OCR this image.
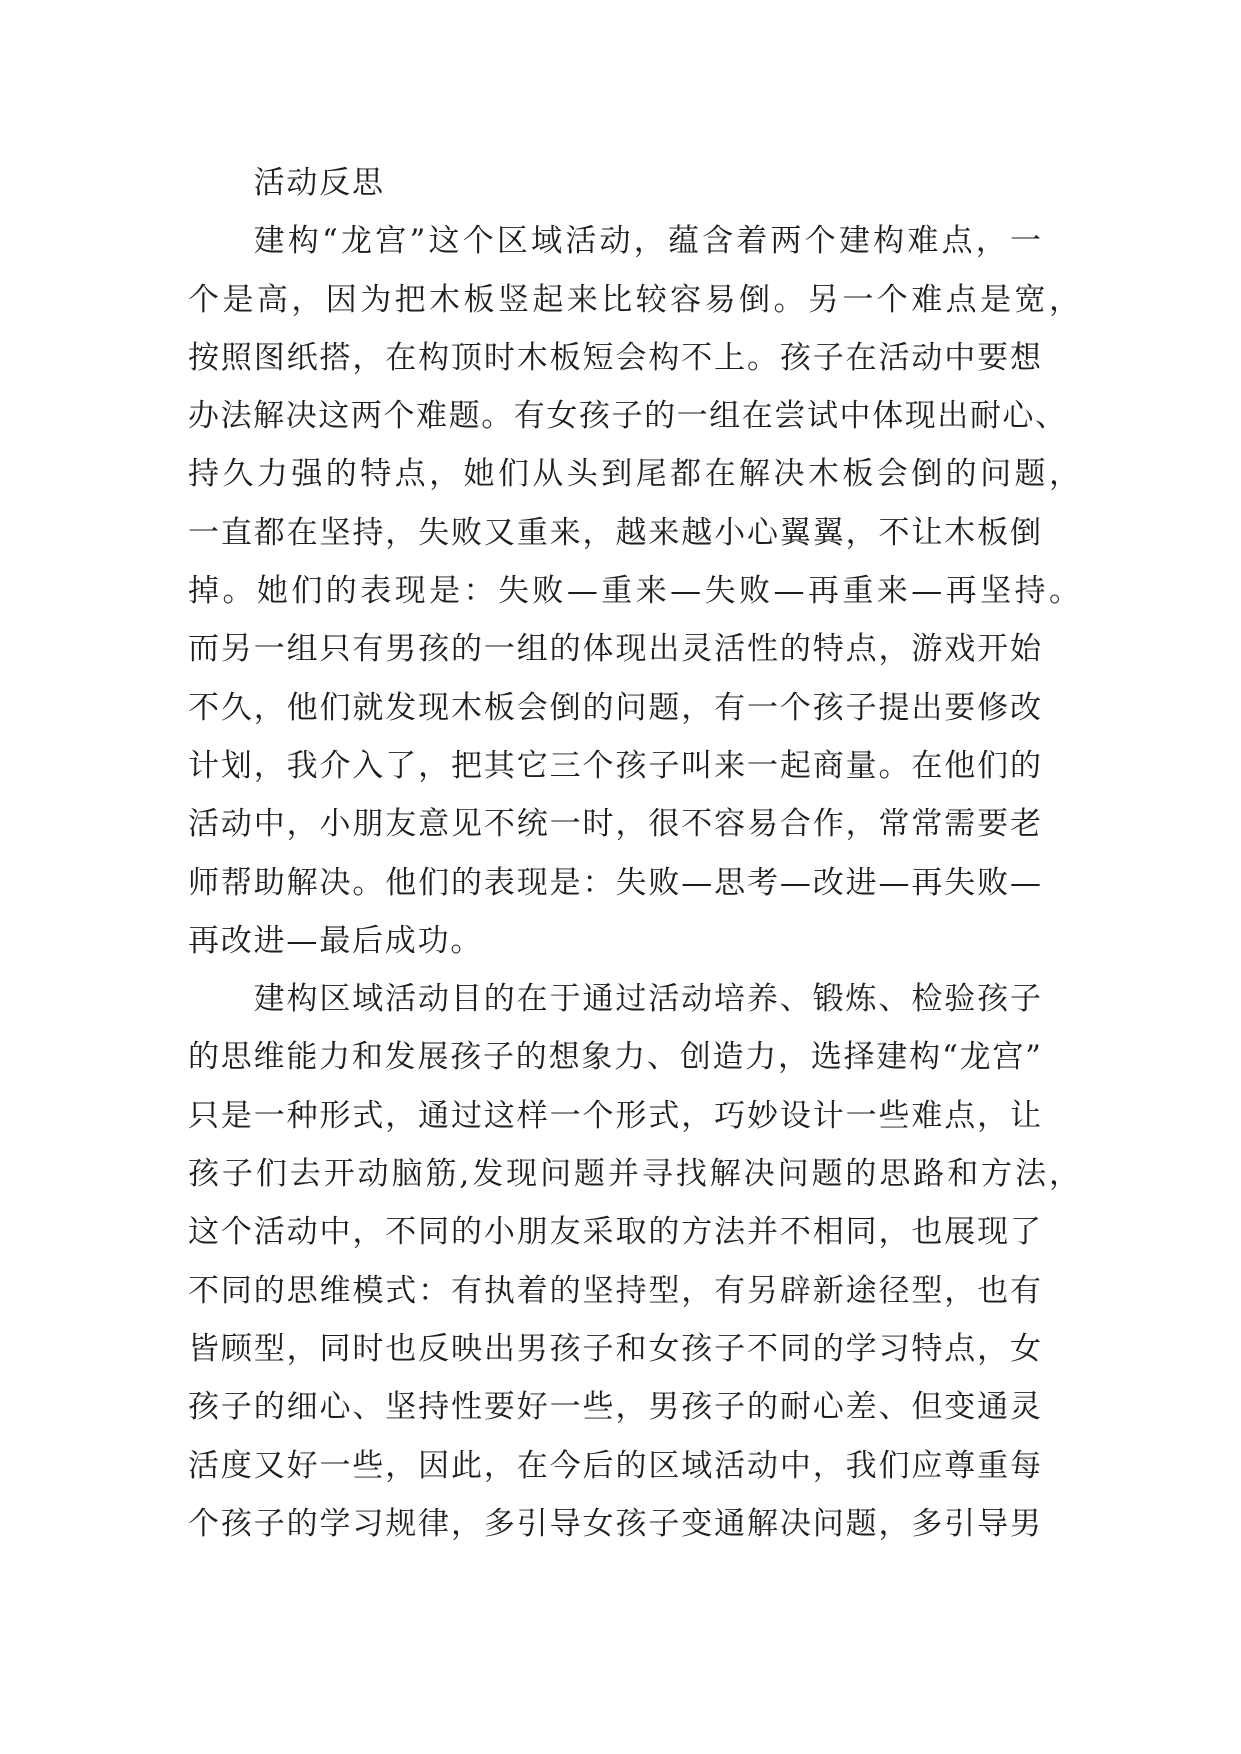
活动反思
建构“龙宫”这个区域活动，蕴含着两个建构难点，一
个是高，因为把木板竖起来比较容易倒。另一个难点是宽，
按照图纸搭，在构顶时木板短会构不上。孩子在活动中要想
办法解决这两个难题。有女孩子的一组在尝试中体现出耐心、
持久力强的特点，她们从头到尾都在解决木板会倒的问题，
一直都在坚持，失败又重来，越来越小心翼翼，不让木板倒
掉。她们的表现是：失败—重来—失败—再重来—再坚持。
而另一组只有男孩的一组的体现出灵活性的特点，游戏开始
不久，他们就发现木板会倒的问题，有一个孩子提出要修改
计划，我介入了，把其它三个孩子叫来一起商量。在他们的
活动中，小朋友意见不统一时，很不容易合作，常常需要老
师帮助解决。他们的表现是：失败—思考—改进—再失败—
再改进—最后成功。
建构区域活动目的在于通过活动培养、锻炼、检验孩子
的思维能力和发展孩子的想象力、创造力，选择建构“龙宫”
只是一种形式，通过这样一个形式，巧妙设计一些难点，让
孩子们去开动脑筋,发现问题并寻找解决问题的思路和方法，
这个活动中，不同的小朋友采取的方法并不相同，也展现了
不同的思维模式：有执着的坚持型，有另辟新途径型，也有
皆顾型，同时也反映出男孩子和女孩子不同的学习特点，女
孩子的细心、坚持性要好一些，男孩子的耐心差、但变通灵
活度又好一些，因此，在今后的区域活动中，我们应尊重每
个孩子的学习规律，多引导女孩子变通解决问题，多引导男
